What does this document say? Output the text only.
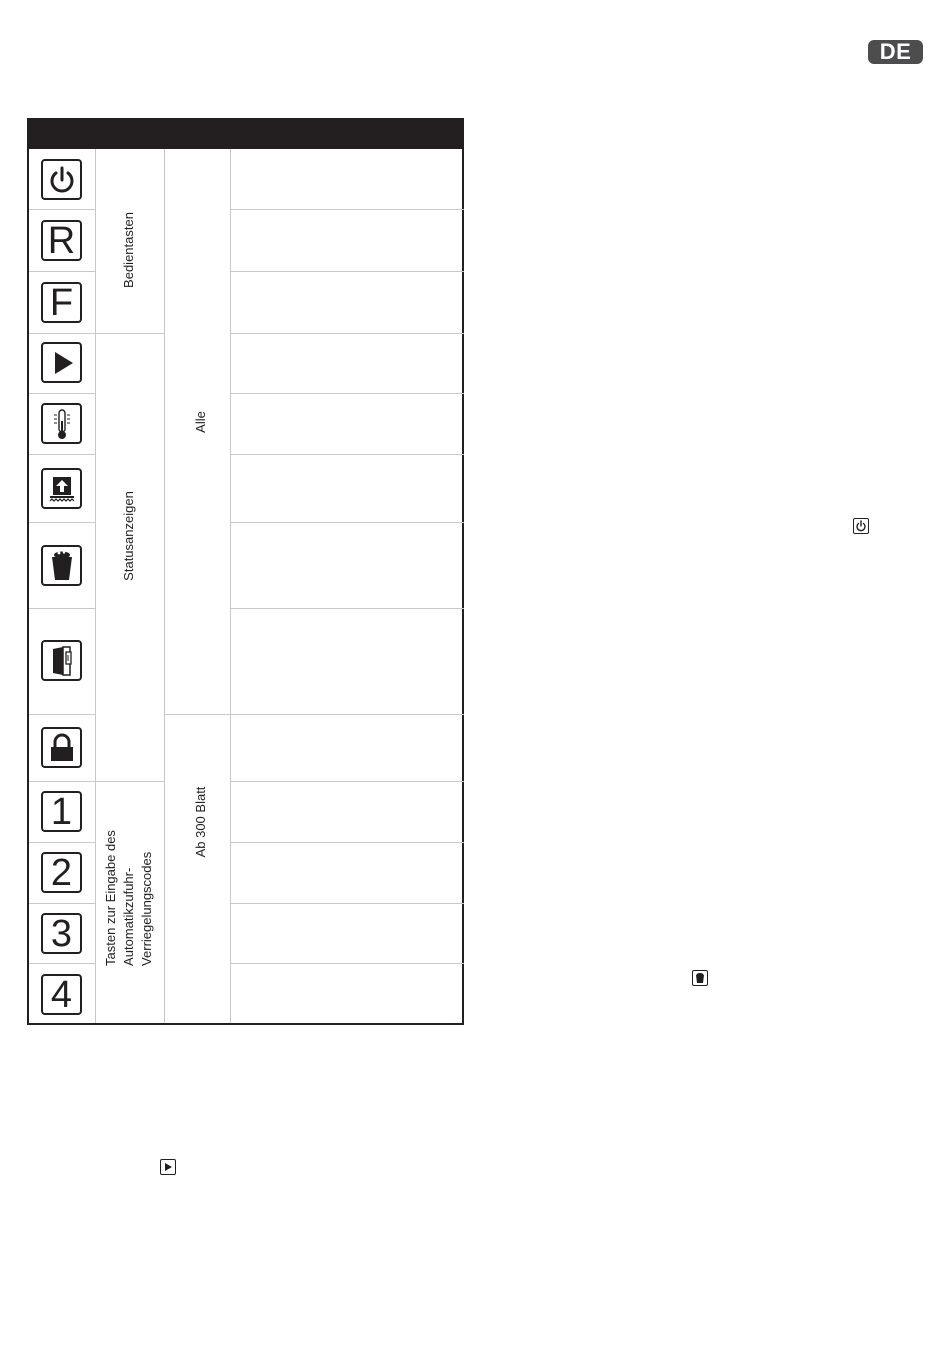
DE
Bedientasten
Statusanzeigen
Tasten zur Eingabe des
Automatikzufuhr-
Verriegelungscodes
Alle
Ab 300 Blatt
R
F
1
2
3
4
